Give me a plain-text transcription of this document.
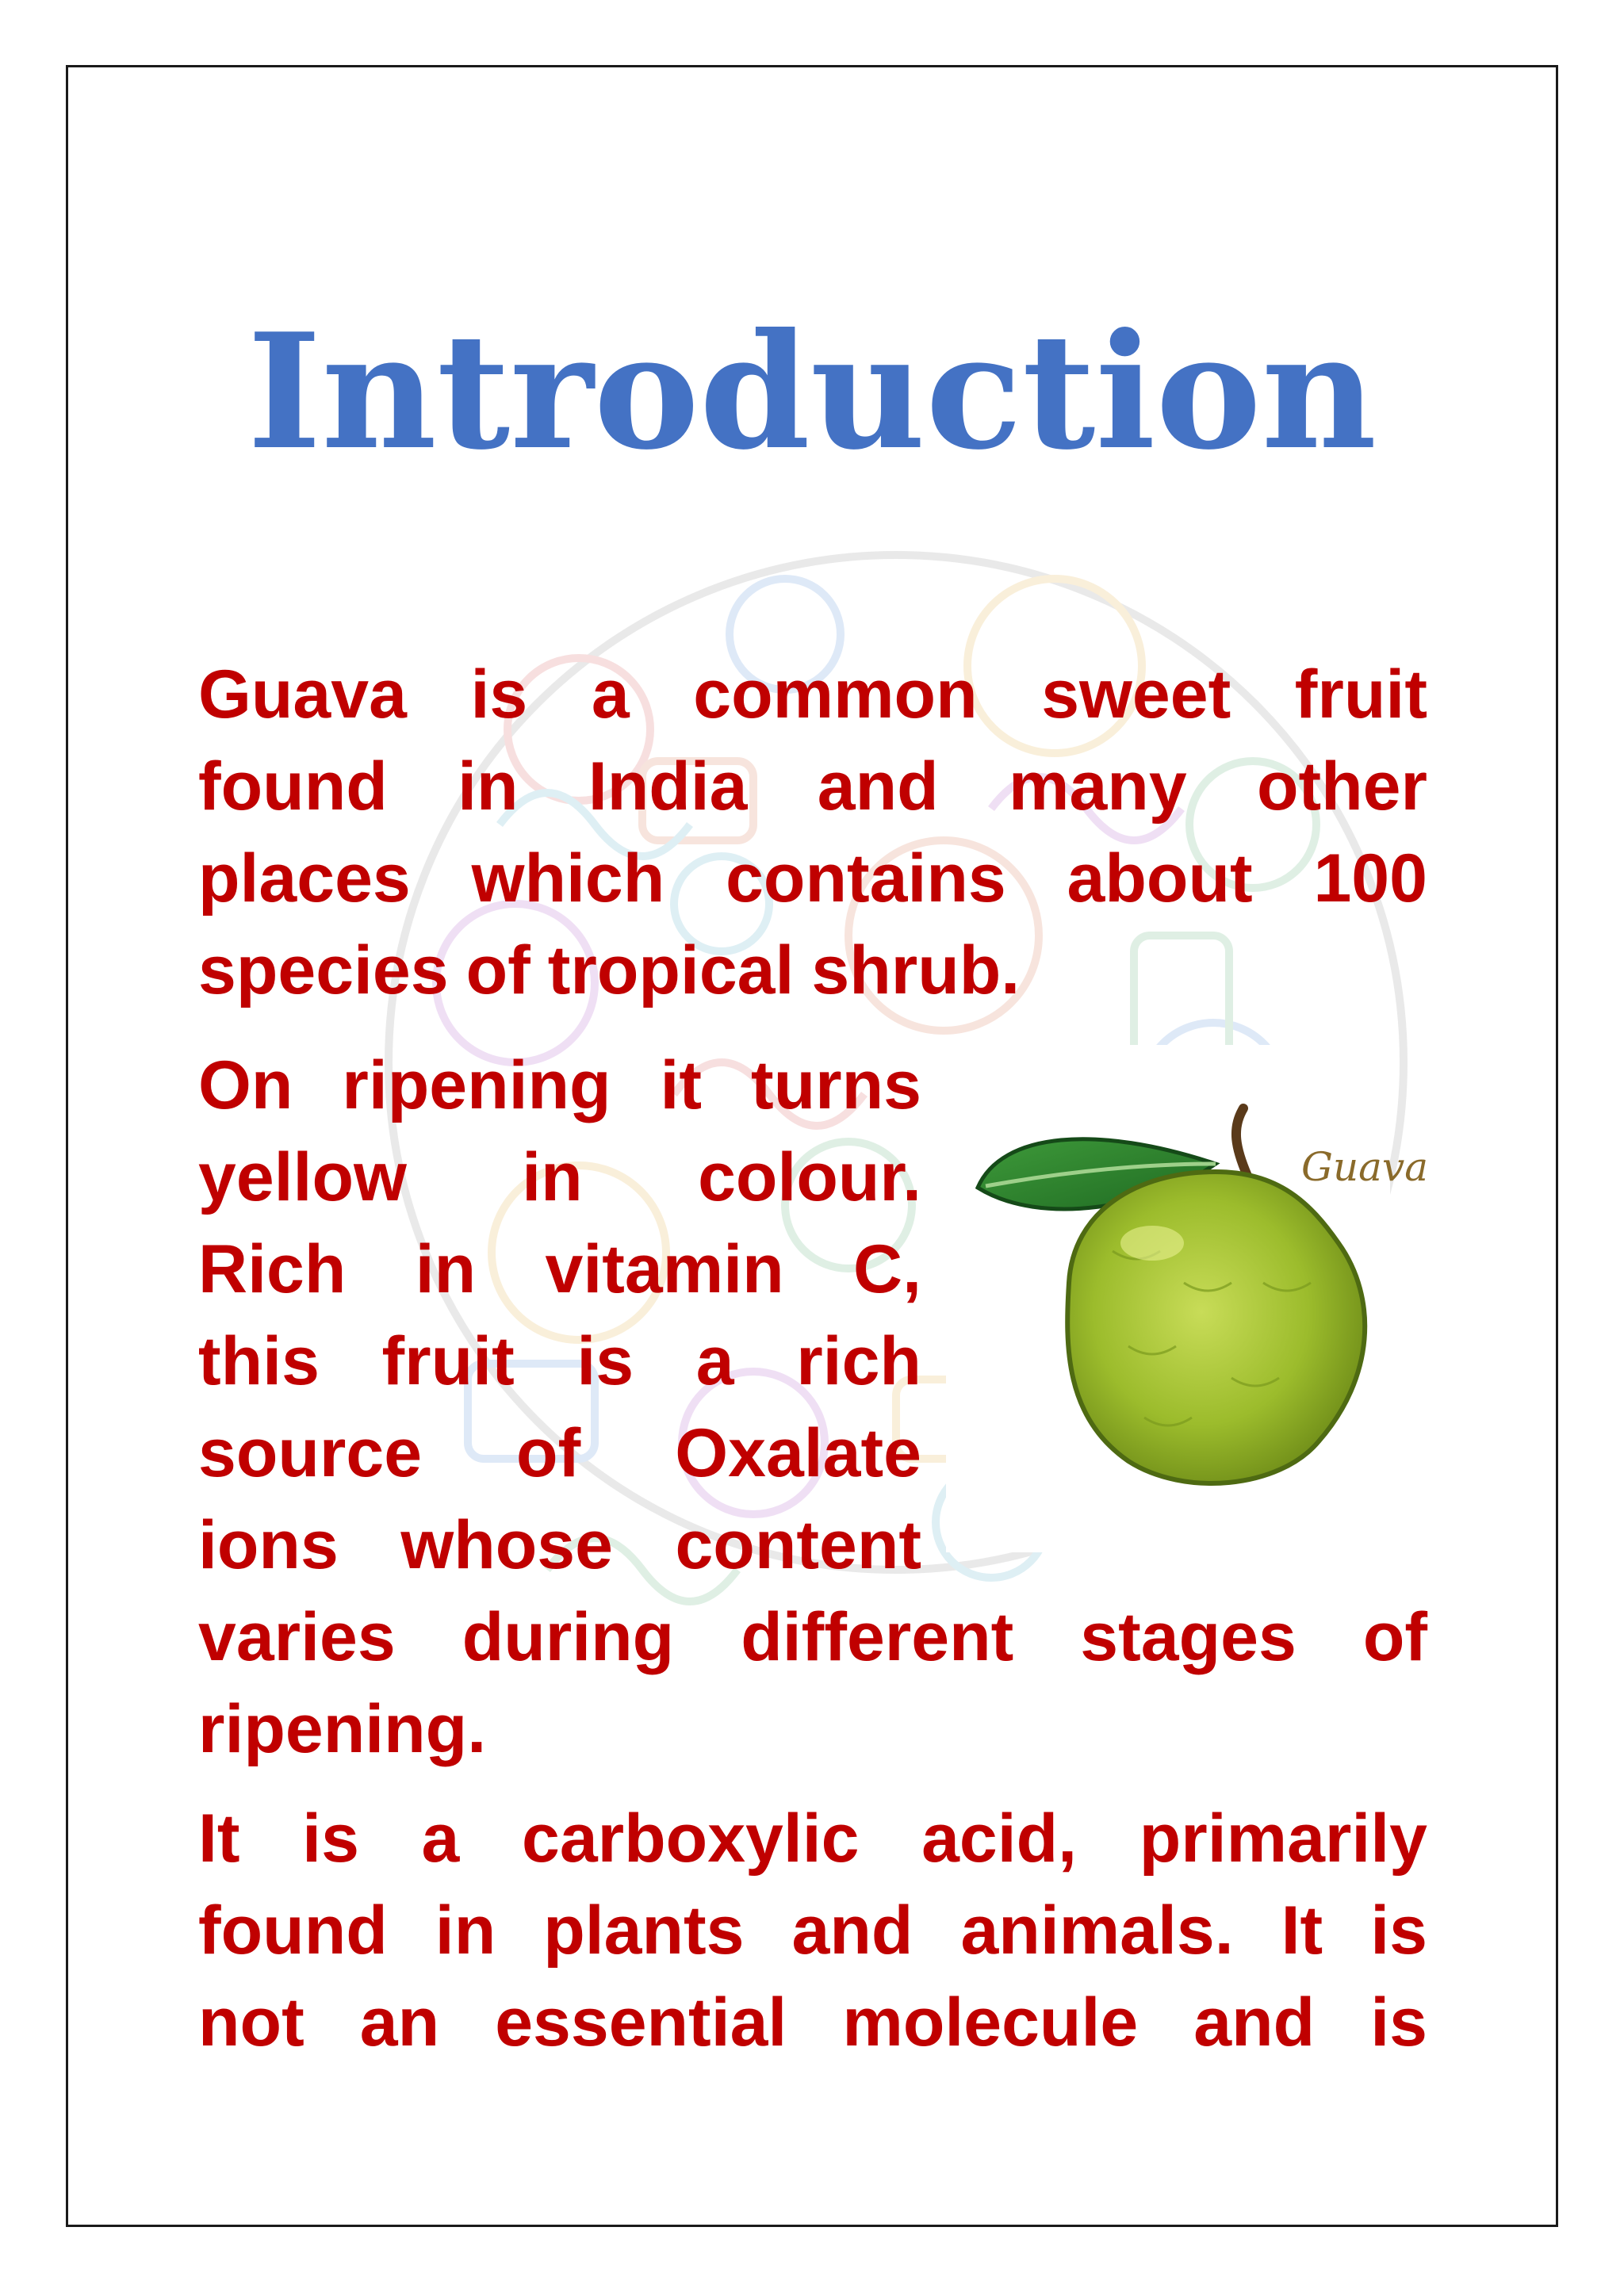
Introduction
Guava is a common sweet fruit
found in India and many other
places which contains about 100
species of tropical shrub.
On ripening it turns
yellow in colour.
Rich in vitamin C,
this fruit is a rich
source of Oxalate
ions whose content
varies during different stages of
ripening.
It is a carboxylic acid, primarily
found in plants and animals. It is
not an essential molecule and is
Guava
